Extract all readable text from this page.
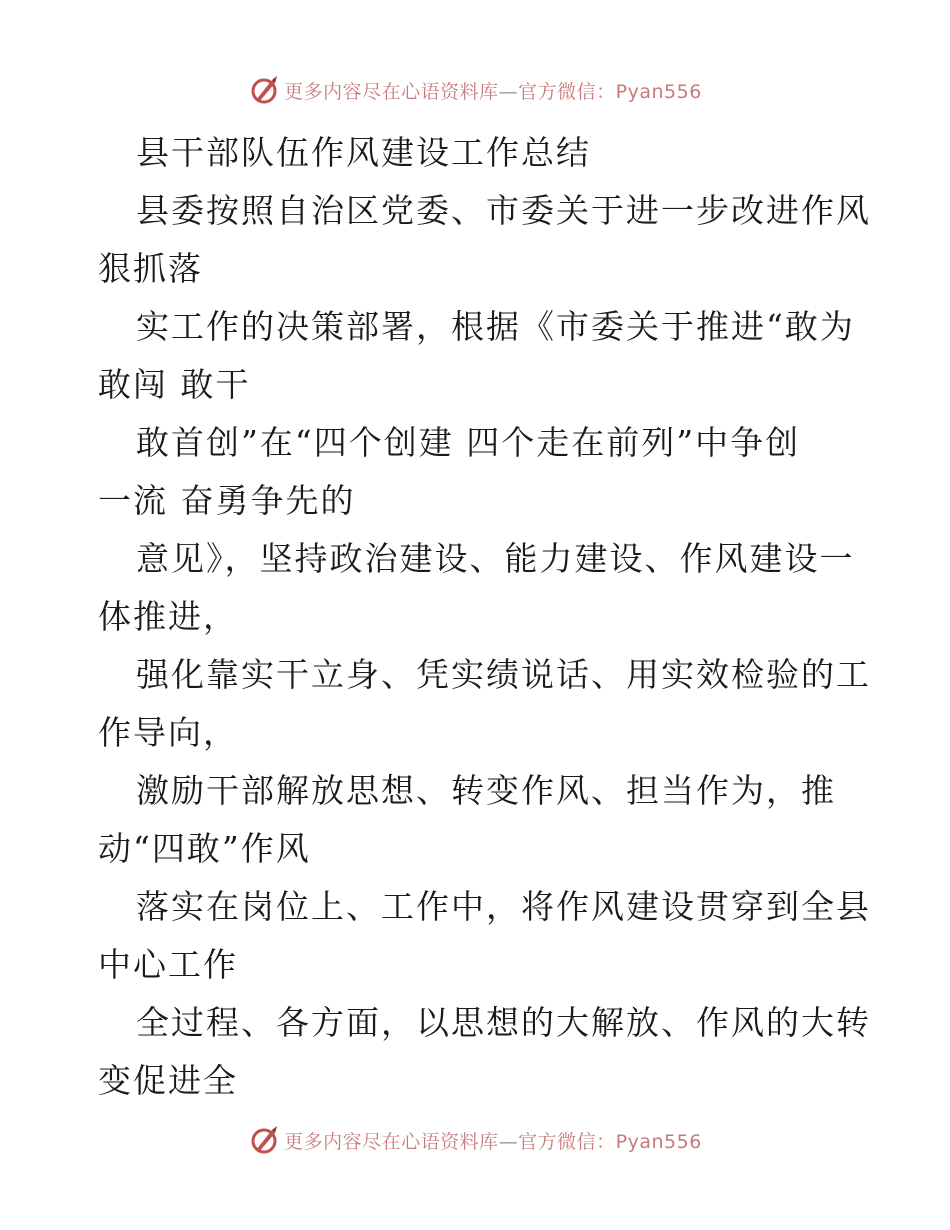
更多内容尽在心语资料库—官方微信：Pyan556
县干部队伍作风建设工作总结
县委按照自治区党委、市委关于进一步改进作风
狠抓落
实工作的决策部署，根据《市委关于推进“敢为
敢闯 敢干
敢首创”在“四个创建 四个走在前列”中争创
一流 奋勇争先的
意见》，坚持政治建设、能力建设、作风建设一
体推进，
强化靠实干立身、凭实绩说话、用实效检验的工
作导向，
激励干部解放思想、转变作风、担当作为，推
动“四敢”作风
落实在岗位上、工作中，将作风建设贯穿到全县
中心工作
全过程、各方面，以思想的大解放、作风的大转
变促进全
更多内容尽在心语资料库—官方微信：Pyan556
